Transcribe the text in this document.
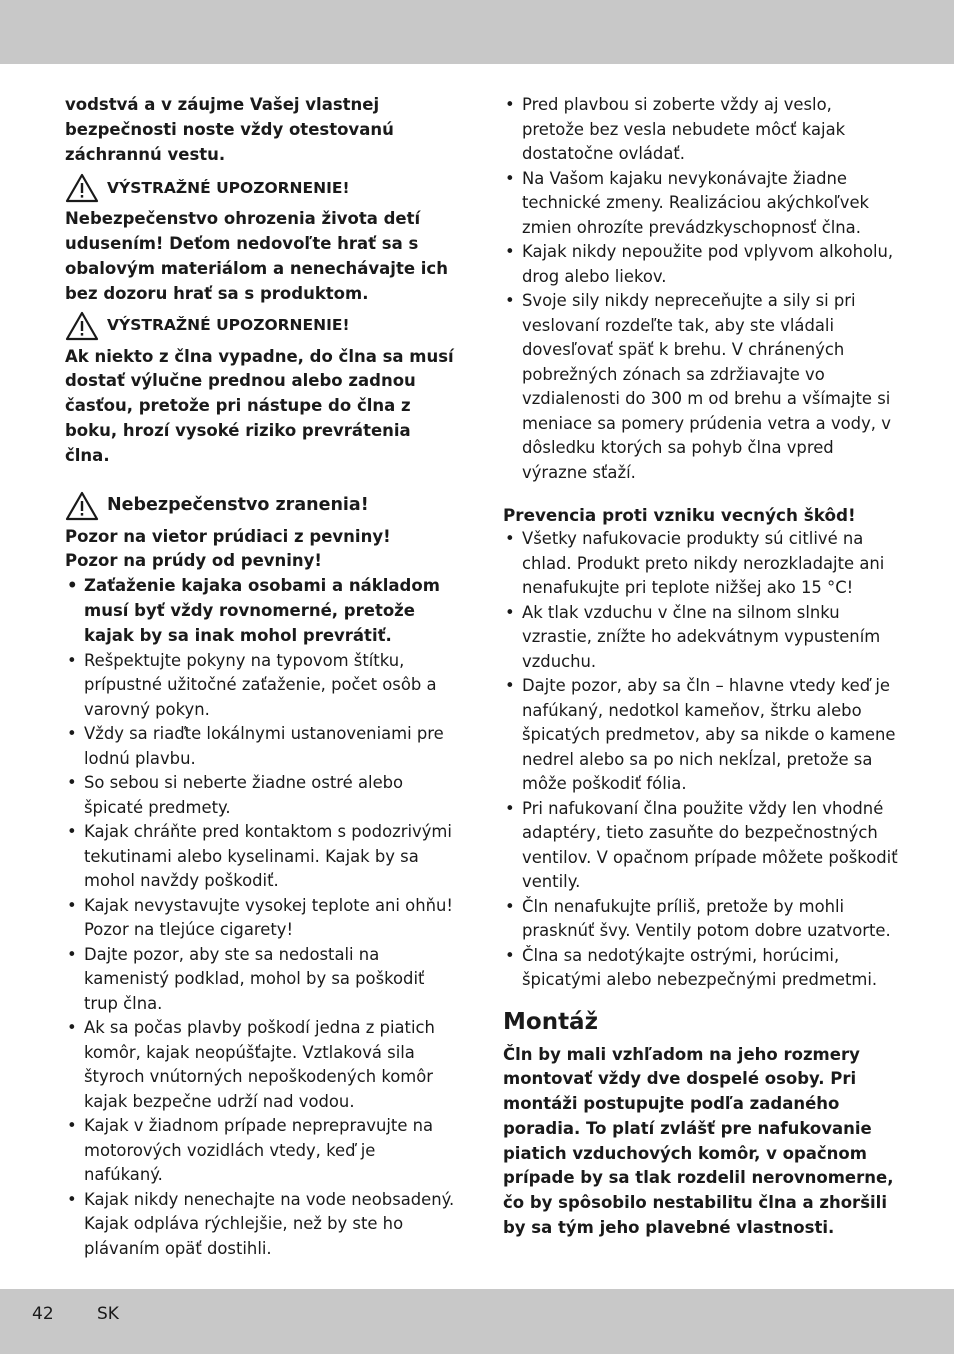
vodstvá a v záujme Vašej vlastnej bezpečnosti noste vždy otestovanú záchrannú vestu.

VÝSTRAŽNÉ UPOZORNENIE!

Nebezpečenstvo ohrozenia života detí udusením! Deťom nedovoľte hrať sa s obalovým materiálom a nenechávajte ich bez dozoru hrať sa s produktom.

VÝSTRAŽNÉ UPOZORNENIE!

Ak niekto z člna vypadne, do člna sa musí dostať výlučne prednou alebo zadnou časťou, pretože pri nástupe do člna z boku, hrozí vysoké riziko prevrátenia člna.

Nebezpečenstvo zranenia!

Pozor na vietor prúdiaci z pevniny!

Pozor na prúdy od pevniny!

• Zaťaženie kajaka osobami a nákladom musí byť vždy rovnomerné, pretože kajak by sa inak mohol prevrátiť.
• Rešpektujte pokyny na typovom štítku, prípustné užitočné zaťaženie, počet osôb a varovný pokyn.
• Vždy sa riaďte lokálnymi ustanoveniami pre lodnú plavbu.
• So sebou si neberte žiadne ostré alebo špicaté predmety.
• Kajak chráňte pred kontaktom s podozrivými tekutinami alebo kyselinami. Kajak by sa mohol navždy poškodiť.
• Kajak nevystavujte vysokej teplote ani ohňu! Pozor na tlejúce cigarety!
• Dajte pozor, aby ste sa nedostali na kamenistý podklad, mohol by sa poškodiť trup člna.
• Ak sa počas plavby poškodí jedna z piatich komôr, kajak neopúšťajte. Vztlaková sila štyroch vnútorných nepoškodených komôr kajak bezpečne udrží nad vodou.
• Kajak v žiadnom prípade neprepravujte na motorových vozidlách vtedy, keď je nafúkaný.
• Kajak nikdy nenechajte na vode neobsadený. Kajak odpláva rýchlejšie, než by ste ho plávaním opäť dostihli.
• Pred plavbou si zoberte vždy aj veslo, pretože bez vesla nebudete môcť kajak dostatočne ovládať.
• Na Vašom kajaku nevykonávajte žiadne technické zmeny. Realizáciou akýchkoľvek zmien ohrozíte prevádzkyschopnosť člna.
• Kajak nikdy nepoužite pod vplyvom alkoholu, drog alebo liekov.
• Svoje sily nikdy nepreceňujte a sily si pri veslovaní rozdeľte tak, aby ste vládali dovesľovať späť k brehu. V chránených pobrežných zónach sa zdržiavajte vo vzdialenosti do 300 m od brehu a všímajte si meniace sa pomery prúdenia vetra a vody, v dôsledku ktorých sa pohyb člna vpred výrazne sťaží.

Prevencia proti vzniku vecných škôd!

• Všetky nafukovacie produkty sú citlivé na chlad. Produkt preto nikdy nerozkladajte ani nenafukujte pri teplote nižšej ako 15 °C!
• Ak tlak vzduchu v člne na silnom slnku vzrastie, znížte ho adekvátnym vypustením vzduchu.
• Dajte pozor, aby sa čln – hlavne vtedy keď je nafúkaný, nedotkol kameňov, štrku alebo špicatých predmetov, aby sa nikde o kamene nedrel alebo sa po nich nekĺzal, pretože sa môže poškodiť fólia.
• Pri nafukovaní člna použite vždy len vhodné adaptéry, tieto zasuňte do bezpečnostných ventilov. V opačnom prípade môžete poškodiť ventily.
• Čln nenafukujte príliš, pretože by mohli prasknúť švy. Ventily potom dobre uzatvorte.
• Člna sa nedotýkajte ostrými, horúcimi, špicatými alebo nebezpečnými predmetmi.
Montáž

Čln by mali vzhľadom na jeho rozmery montovať vždy dve dospelé osoby. Pri montáži postupujte podľa zadaného poradia. To platí zvlášť pre nafukovanie piatich vzduchových komôr, v opačnom prípade by sa tlak rozdelil nerovnomerne, čo by spôsobilo nestabilitu člna a zhoršili by sa tým jeho plavebné vlastnosti.

42	SK
